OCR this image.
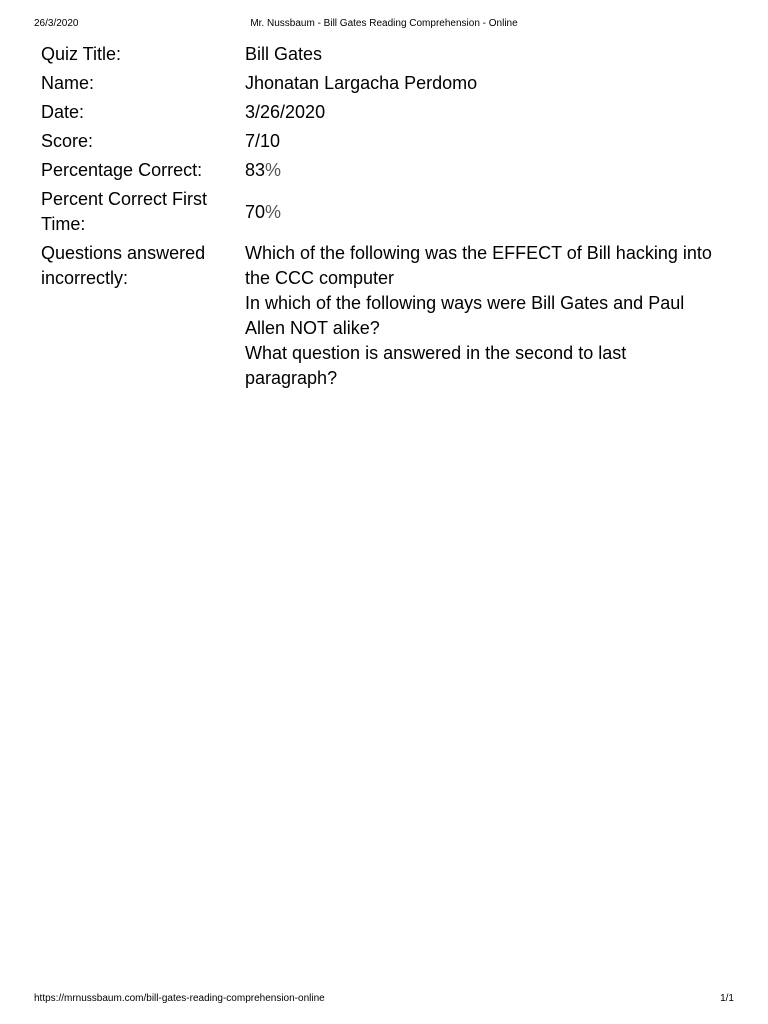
26/3/2020	Mr. Nussbaum - Bill Gates Reading Comprehension - Online
Quiz Title:	Bill Gates
Name:	Jhonatan Largacha Perdomo
Date:	3/26/2020
Score:	7/10
Percentage Correct:	83%
Percent Correct First Time:	70%
Questions answered incorrectly:	Which of the following was the EFFECT of Bill hacking into the CCC computer
In which of the following ways were Bill Gates and Paul Allen NOT alike?
What question is answered in the second to last paragraph?
https://mrnussbaum.com/bill-gates-reading-comprehension-online	1/1
